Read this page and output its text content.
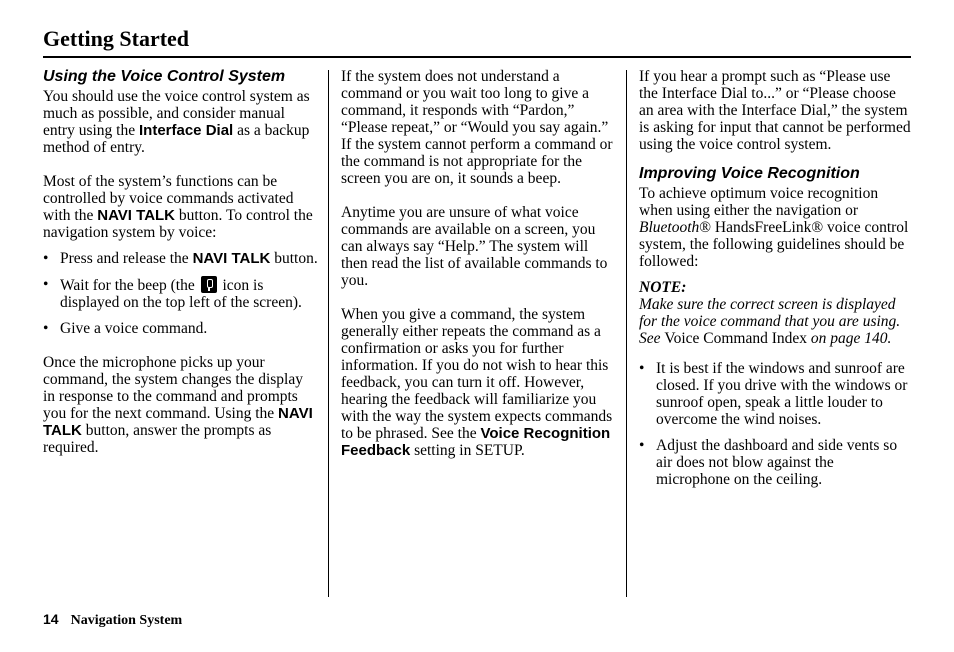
Getting Started
Using the Voice Control System

You should use the voice control system as much as possible, and consider manual entry using the Interface Dial as a backup method of entry.

Most of the system’s functions can be controlled by voice commands activated with the NAVI TALK button. To control the navigation system by voice:

• Press and release the NAVI TALK button.
• Wait for the beep (the  icon is displayed on the top left of the screen).
• Give a voice command.

Once the microphone picks up your command, the system changes the display in response to the command and prompts you for the next command. Using the NAVI TALK button, answer the prompts as required.

If the system does not understand a command or you wait too long to give a command, it responds with “Pardon,” “Please repeat,” or “Would you say again.” If the system cannot perform a command or the command is not appropriate for the screen you are on, it sounds a beep.

Anytime you are unsure of what voice commands are available on a screen, you can always say “Help.” The system will then read the list of available commands to you.

When you give a command, the system generally either repeats the command as a confirmation or asks you for further information. If you do not wish to hear this feedback, you can turn it off. However, hearing the feedback will familiarize you with the way the system expects commands to be phrased. See the Voice Recognition Feedback setting in SETUP.

If you hear a prompt such as “Please use the Interface Dial to...” or “Please choose an area with the Interface Dial,” the system is asking for input that cannot be performed using the voice control system.

Improving Voice Recognition

To achieve optimum voice recognition when using either the navigation or Bluetooth® HandsFreeLink® voice control system, the following guidelines should be followed:

NOTE:

Make sure the correct screen is displayed for the voice command that you are using. See Voice Command Index on page 140.

• It is best if the windows and sunroof are closed. If you drive with the windows or sunroof open, speak a little louder to overcome the wind noises.
• Adjust the dashboard and side vents so air does not blow against the microphone on the ceiling.
14 Navigation System
